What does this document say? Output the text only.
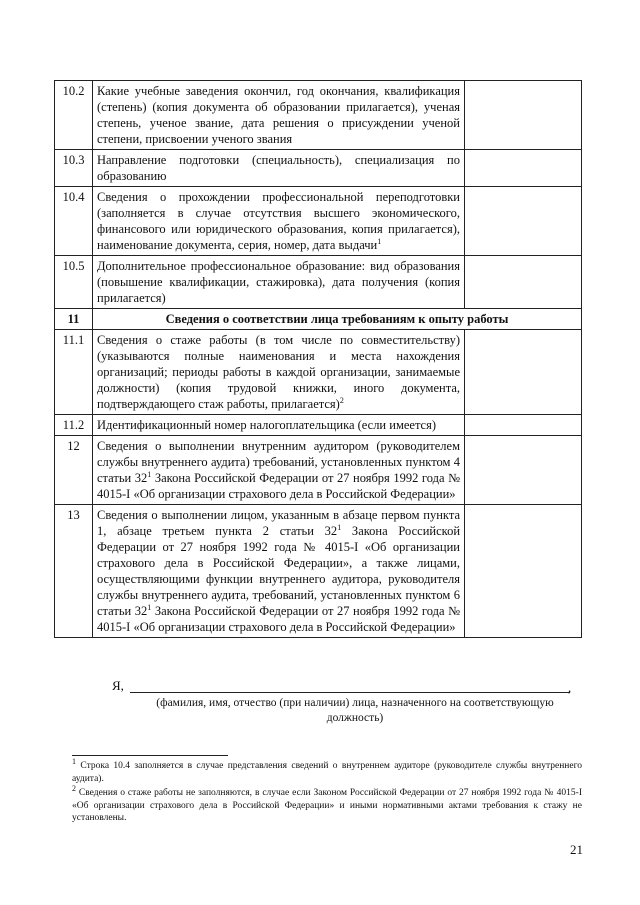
10.2	Какие учебные заведения окончил, год окончания, квалификация (степень) (копия документа об образовании прилагается), ученая степень, ученое звание, дата решения о присуждении ученой степени, присвоении ученого звания	
10.3	Направление подготовки (специальность), специализация по образованию	
10.4	Сведения о прохождении профессиональной переподготовки (заполняется в случае отсутствия высшего экономического, финансового или юридического образования, копия прилагается), наименование документа, серия, номер, дата выдачи$^1$	
10.5	Дополнительное профессиональное образование: вид образования (повышение квалификации, стажировка), дата получения (копия прилагается)	
11	Сведения о соответствии лица требованиям к опыту работы	
11.1	Сведения о стаже работы (в том числе по совместительству) (указываются полные наименования и места нахождения организаций; периоды работы в каждой организации, занимаемые должности) (копия трудовой книжки, иного документа, подтверждающего стаж работы, прилагается)$^2$	
11.2	Идентификационный номер налогоплательщика (если имеется)	
12	Сведения о выполнении внутренним аудитором (руководителем службы внутреннего аудита) требований, установленных пунктом 4 статьи $32^1$ Закона Российской Федерации от 27 ноября 1992 года № 4015-I «Об организации страхового дела в Российской Федерации»	
13	Сведения о выполнении лицом, указанным в абзаце первом пункта 1, абзаце третьем пункта 2 статьи $32^1$ Закона Российской Федерации от 27 ноября 1992 года № 4015-I «Об организации страхового дела в Российской Федерации», а также лицами, осуществляющими функции внутреннего аудитора, руководителя службы внутреннего аудита, требований, установленных пунктом 6 статьи $32^1$ Закона Российской Федерации от 27 ноября 1992 года № 4015-I «Об организации страхового дела в Российской Федерации»	
Я,	,
(фамилия, имя, отчество (при наличии) лица, назначенного на соответствующую должность)

$^1$ Строка 10.4 заполняется в случае представления сведений о внутреннем аудиторе (руководителе службы внутреннего аудита).

$^2$ Сведения о стаже работы не заполняются, в случае если Законом Российской Федерации от 27 ноября 1992 года № 4015-I «Об организации страхового дела в Российской Федерации» и иными нормативными актами требования к стажу не установлены.

21
